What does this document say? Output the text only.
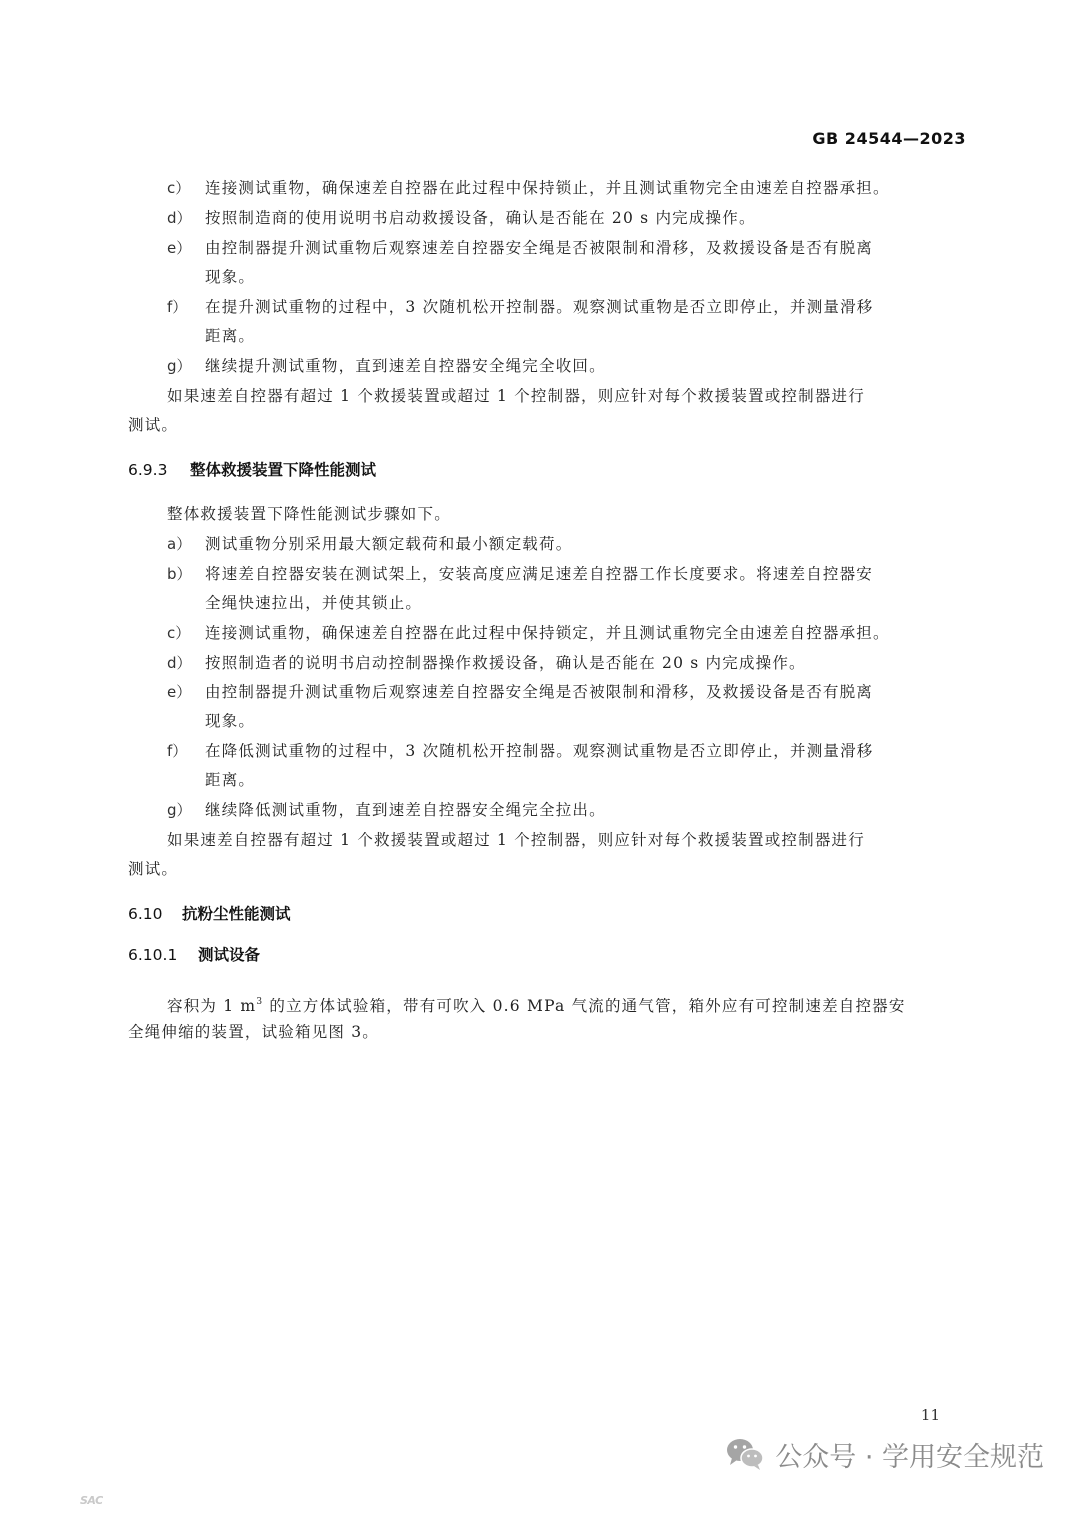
GB 24544—2023
c） 连接测试重物，确保速差自控器在此过程中保持锁止，并且测试重物完全由速差自控器承担。
d） 按照制造商的使用说明书启动救援设备，确认是否能在 20 s 内完成操作。
e） 由控制器提升测试重物后观察速差自控器安全绳是否被限制和滑移，及救援设备是否有脱离
现象。
f） 在提升测试重物的过程中，3 次随机松开控制器。观察测试重物是否立即停止，并测量滑移
距离。
g） 继续提升测试重物，直到速差自控器安全绳完全收回。
如果速差自控器有超过 1 个救援装置或超过 1 个控制器，则应针对每个救援装置或控制器进行
测试。
6.9.3 整体救援装置下降性能测试
整体救援装置下降性能测试步骤如下。
a） 测试重物分别采用最大额定载荷和最小额定载荷。
b） 将速差自控器安装在测试架上，安装高度应满足速差自控器工作长度要求。将速差自控器安
全绳快速拉出，并使其锁止。
c） 连接测试重物，确保速差自控器在此过程中保持锁定，并且测试重物完全由速差自控器承担。
d） 按照制造者的说明书启动控制器操作救援设备，确认是否能在 20 s 内完成操作。
e） 由控制器提升测试重物后观察速差自控器安全绳是否被限制和滑移，及救援设备是否有脱离
现象。
f） 在降低测试重物的过程中，3 次随机松开控制器。观察测试重物是否立即停止，并测量滑移
距离。
g） 继续降低测试重物，直到速差自控器安全绳完全拉出。
如果速差自控器有超过 1 个救援装置或超过 1 个控制器，则应针对每个救援装置或控制器进行
测试。
6.10 抗粉尘性能测试
6.10.1 测试设备
容积为 1 $m^3$ 的立方体试验箱，带有可吹入 0.6 MPa 气流的通气管，箱外应有可控制速差自控器安
全绳伸缩的装置，试验箱见图 3。
11
公众号 · 学用安全规范
SAC
